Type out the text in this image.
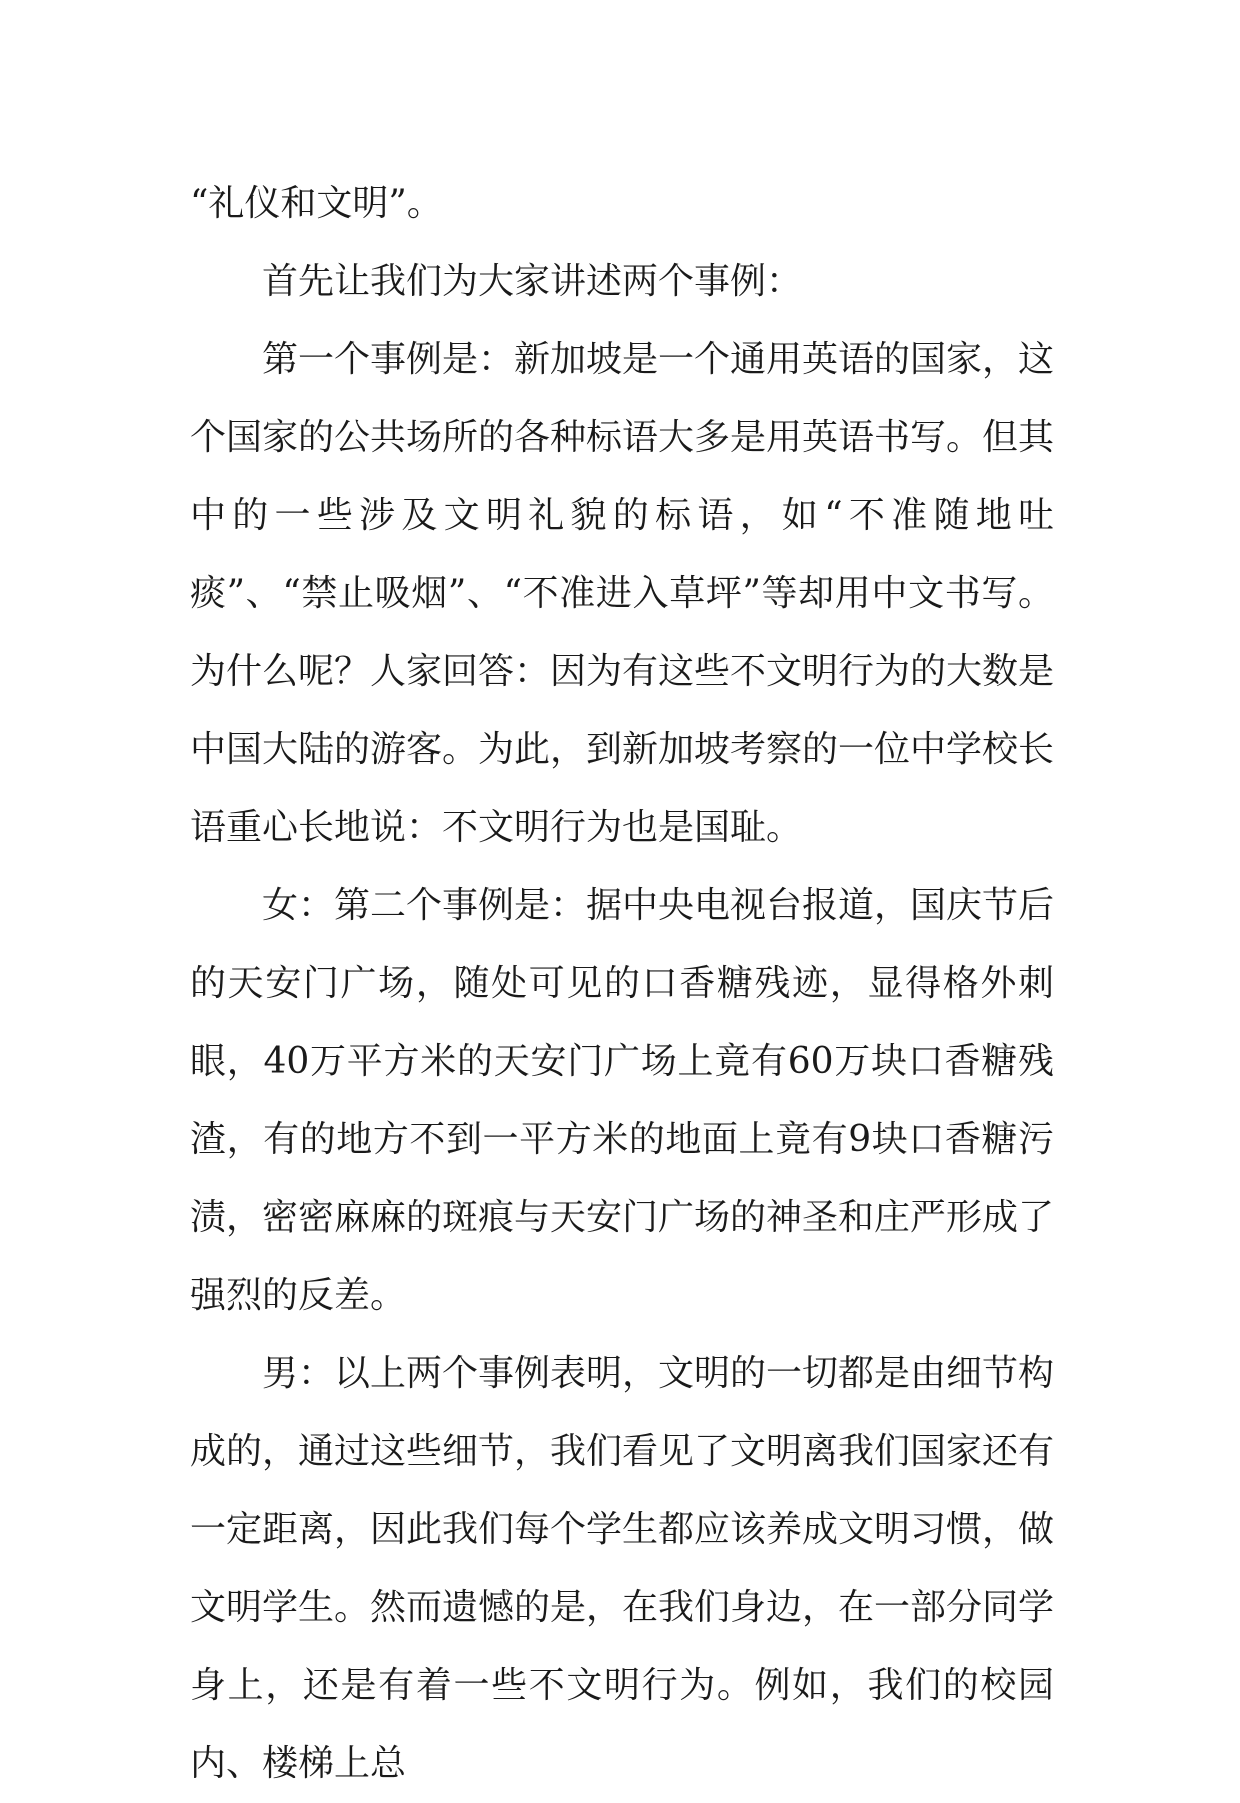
“礼仪和文明”。

首先让我们为大家讲述两个事例：

第一个事例是：新加坡是一个通用英语的国家，这个国家的公共场所的各种标语大多是用英语书写。但其中的一些涉及文明礼貌的标语，如“不准随地吐痰”、“禁止吸烟”、“不准进入草坪”等却用中文书写。为什么呢？人家回答：因为有这些不文明行为的大数是中国大陆的游客。为此，到新加坡考察的一位中学校长语重心长地说：不文明行为也是国耻。

女：第二个事例是：据中央电视台报道，国庆节后的天安门广场，随处可见的口香糖残迹，显得格外刺眼，40万平方米的天安门广场上竟有60万块口香糖残渣，有的地方不到一平方米的地面上竟有9块口香糖污渍，密密麻麻的斑痕与天安门广场的神圣和庄严形成了强烈的反差。

男：以上两个事例表明，文明的一切都是由细节构成的，通过这些细节，我们看见了文明离我们国家还有一定距离，因此我们每个学生都应该养成文明习惯，做文明学生。然而遗憾的是，在我们身边，在一部分同学身上，还是有着一些不文明行为。例如，我们的校园内、楼梯上总
